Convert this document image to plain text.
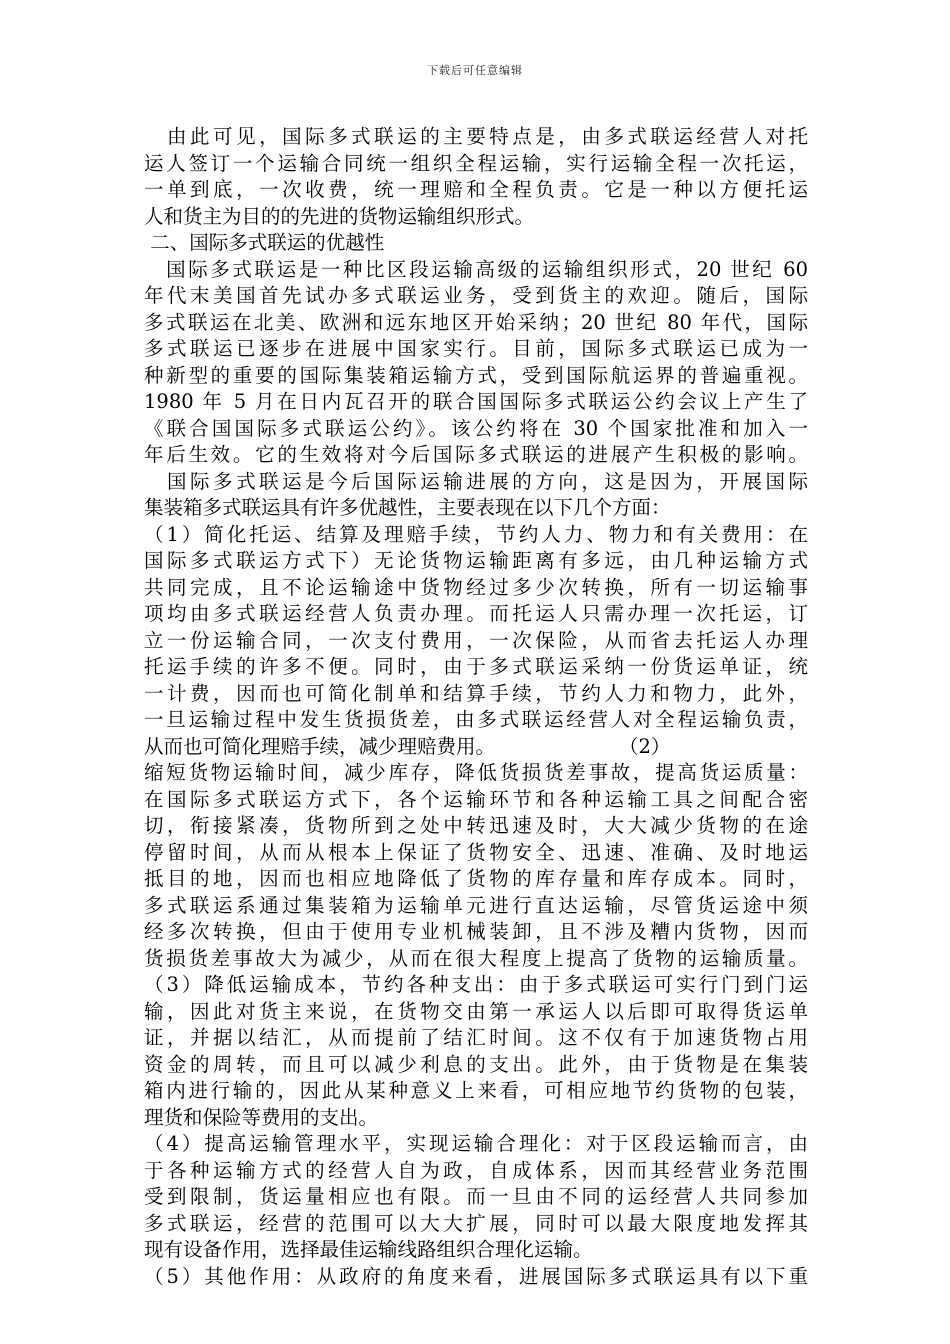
下载后可任意编辑
　由此可见，国际多式联运的主要特点是，由多式联运经营人对托
运人签订一个运输合同统一组织全程运输，实行运输全程一次托运，
一单到底，一次收费，统一理赔和全程负责。它是一种以方便托运
人和货主为目的的先进的货物运输组织形式。
二、国际多式联运的优越性
　国际多式联运是一种比区段运输高级的运输组织形式，20 世纪 60
年代末美国首先试办多式联运业务，受到货主的欢迎。随后，国际
多式联运在北美、欧洲和远东地区开始采纳；20 世纪 80 年代，国际
多式联运已逐步在进展中国家实行。目前，国际多式联运已成为一
种新型的重要的国际集装箱运输方式，受到国际航运界的普遍重视。
1980 年 5 月在日内瓦召开的联合国国际多式联运公约会议上产生了
《联合国国际多式联运公约》。该公约将在 30 个国家批准和加入一
年后生效。它的生效将对今后国际多式联运的进展产生积极的影响。
　国际多式联运是今后国际运输进展的方向，这是因为，开展国际
集装箱多式联运具有许多优越性，主要表现在以下几个方面：
（1）简化托运、结算及理赔手续，节约人力、物力和有关费用：在
国际多式联运方式下）无论货物运输距离有多远，由几种运输方式
共同完成，且不论运输途中货物经过多少次转换，所有一切运输事
项均由多式联运经营人负责办理。而托运人只需办理一次托运，订
立一份运输合同，一次支付费用，一次保险，从而省去托运人办理
托运手续的许多不便。同时，由于多式联运采纳一份货运单证，统
一计费，因而也可简化制单和结算手续，节约人力和物力，此外，
一旦运输过程中发生货损货差，由多式联运经营人对全程运输负责，
从而也可简化理赔手续，减少理赔费用。                    （2）
缩短货物运输时间，减少库存，降低货损货差事故，提高货运质量：
在国际多式联运方式下，各个运输环节和各种运输工具之间配合密
切，衔接紧凑，货物所到之处中转迅速及时，大大减少货物的在途
停留时间，从而从根本上保证了货物安全、迅速、准确、及时地运
抵目的地，因而也相应地降低了货物的库存量和库存成本。同时，
多式联运系通过集装箱为运输单元进行直达运输，尽管货运途中须
经多次转换，但由于使用专业机械装卸，且不涉及糟内货物，因而
货损货差事故大为减少，从而在很大程度上提高了货物的运输质量。
（3）降低运输成本，节约各种支出：由于多式联运可实行门到门运
输，因此对货主来说，在货物交由第一承运人以后即可取得货运单
证，并据以结汇，从而提前了结汇时间。这不仅有于加速货物占用
资金的周转，而且可以减少利息的支出。此外，由于货物是在集装
箱内进行输的，因此从某种意义上来看，可相应地节约货物的包装，
理货和保险等费用的支出。
（4）提高运输管理水平，实现运输合理化：对于区段运输而言，由
于各种运输方式的经营人自为政，自成体系，因而其经营业务范围
受到限制，货运量相应也有限。而一旦由不同的运经营人共同参加
多式联运，经营的范围可以大大扩展，同时可以最大限度地发挥其
现有设备作用，选择最佳运输线路组织合理化运输。
（5）其他作用：从政府的角度来看，进展国际多式联运具有以下重
